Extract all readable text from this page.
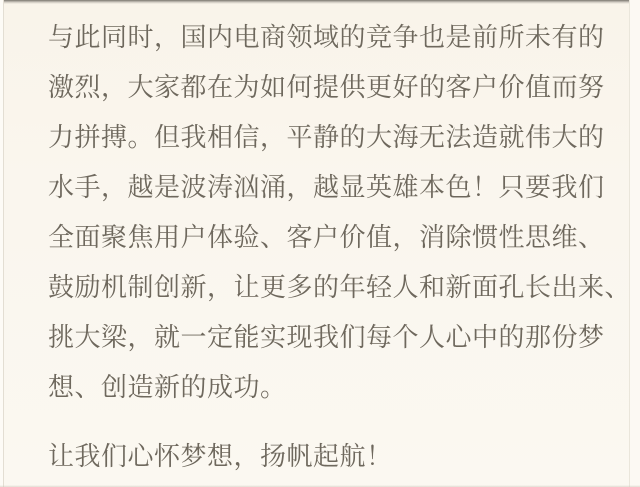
与此同时，国内电商领域的竞争也是前所未有的
激烈，大家都在为如何提供更好的客户价值而努
力拼搏。但我相信，平静的大海无法造就伟大的
水手，越是波涛汹涌，越显英雄本色！只要我们
全面聚焦用户体验、客户价值，消除惯性思维、
鼓励机制创新，让更多的年轻人和新面孔长出来、
挑大梁，就一定能实现我们每个人心中的那份梦
想、创造新的成功。
让我们心怀梦想，扬帆起航！
